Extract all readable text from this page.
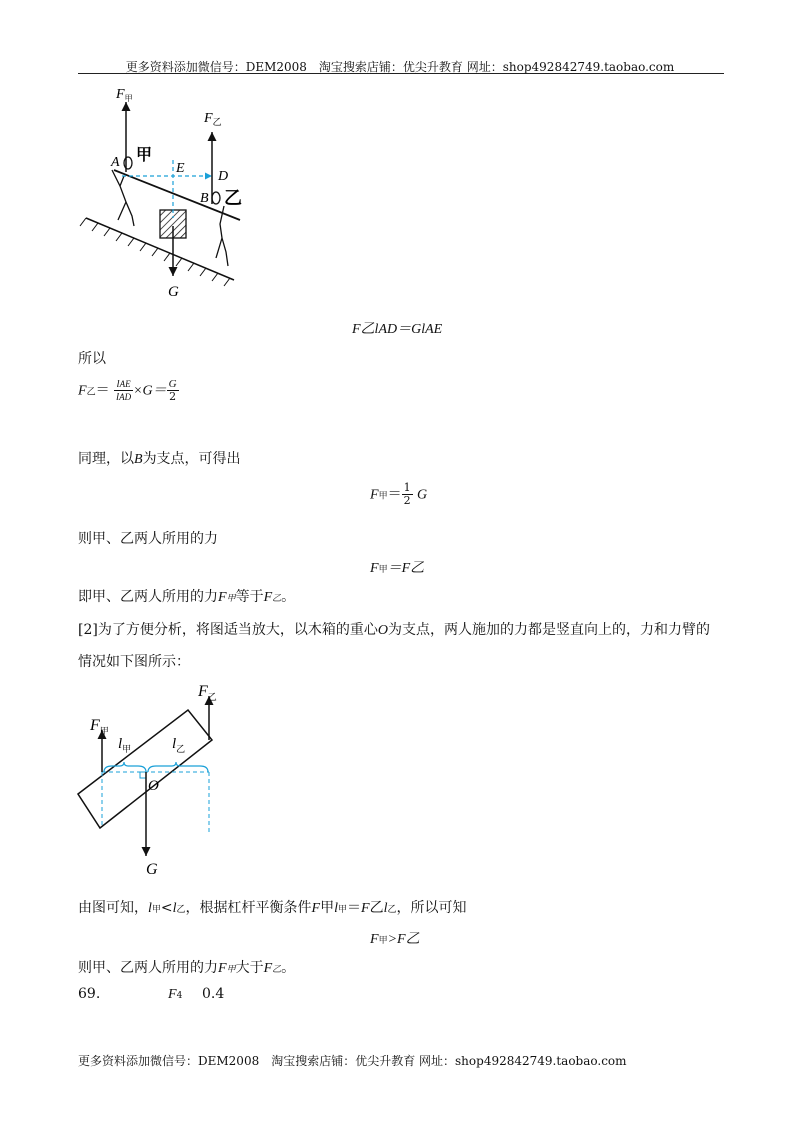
更多资料添加微信号：DEM2008　淘宝搜索店铺：优尖升教育 网址：shop492842749.taobao.com
$F_甲$
$F_乙$
A 甲
E
D
B 乙
G
F乙lAD＝GlAE
所以
F乙＝ $\frac{\text{lAE}}{\text{lAD}} \times G= \frac{G}{2}$
同理，以B为支点，可得出
F甲＝ $\frac{1}{2}$ G
则甲、乙两人所用的力
F甲＝F乙
即甲、乙两人所用的力F甲等于F乙。
[2]为了方便分析，将图适当放大，以木箱的重心O为支点，两人施加的力都是竖直向上的，力和力臂的
情况如下图所示：
$F_乙$
$F_甲$
$l_甲$	$l_乙$
O
G
由图可知，l甲<l乙，根据杠杆平衡条件F甲l甲＝F乙l乙，所以可知
F甲>F乙
则甲、乙两人所用的力F甲大于F乙。
69.	F4 0.4
更多资料添加微信号：DEM2008　淘宝搜索店铺：优尖升教育 网址：shop492842749.taobao.com
